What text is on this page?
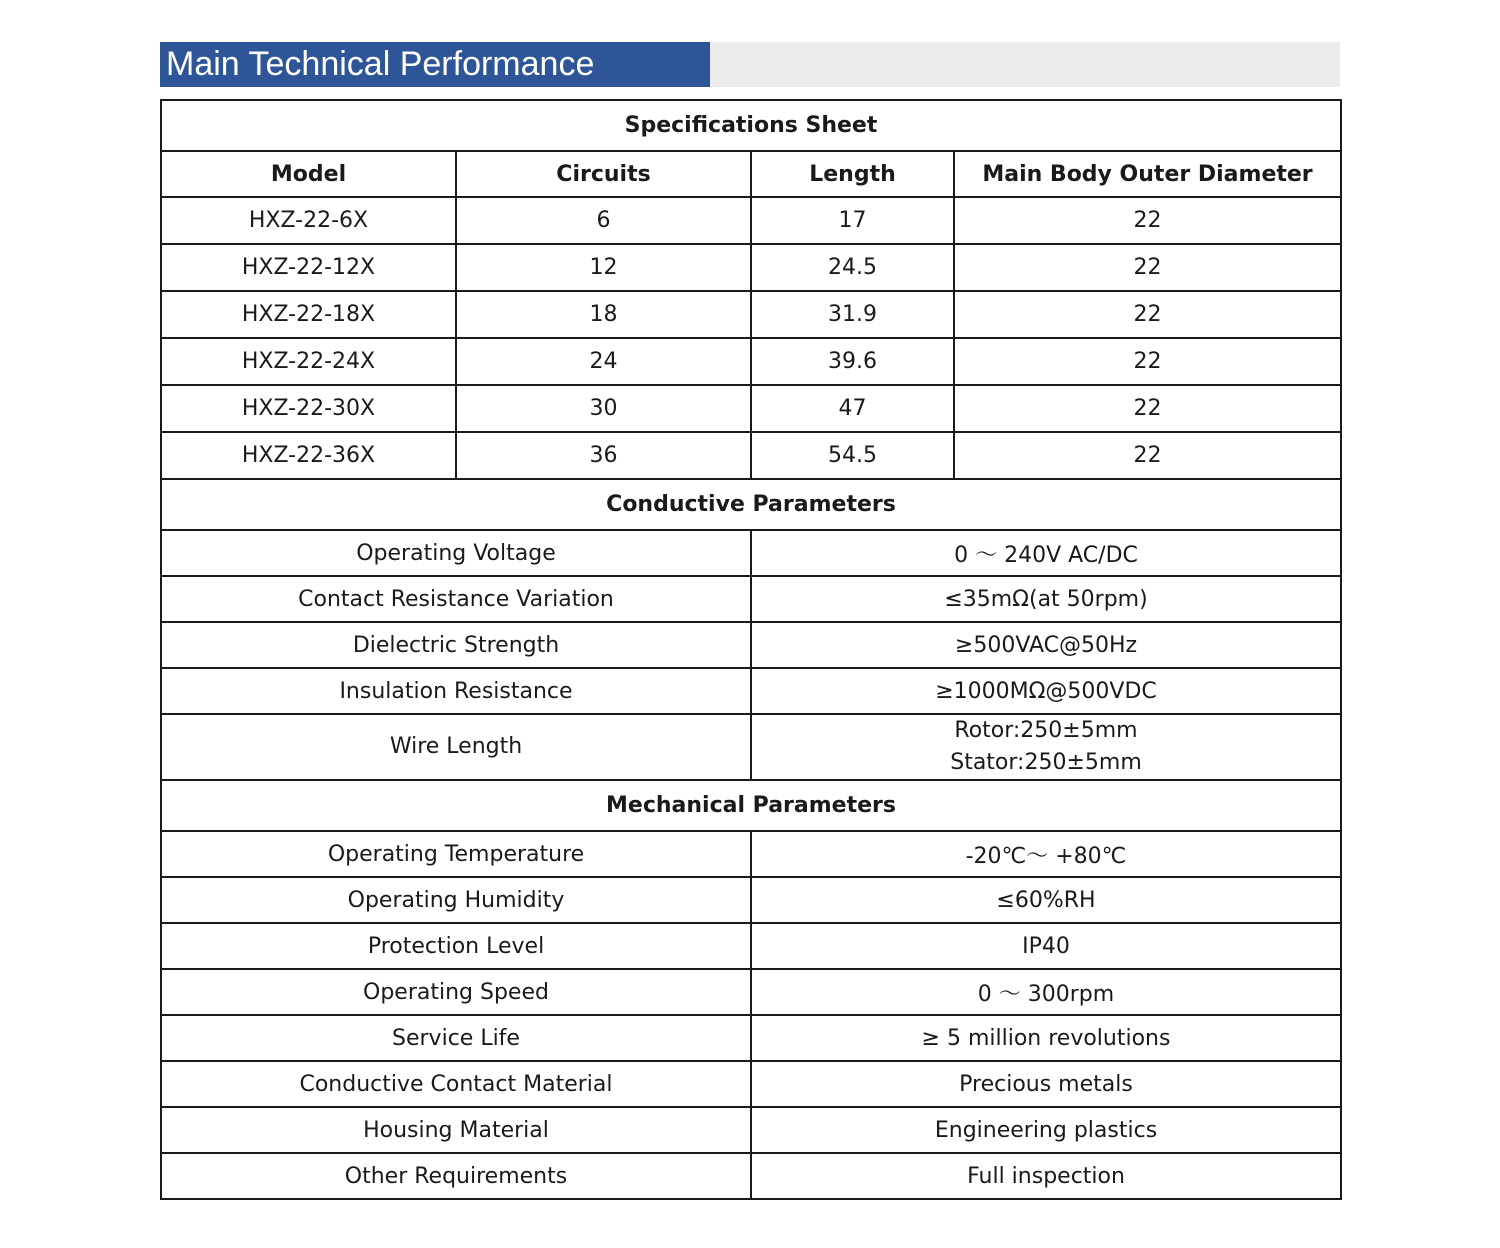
Main Technical Performance
Specifications Sheet			
Model	Circuits	Length	Main Body Outer Diameter
HXZ-22-6X	6	17	22
HXZ-22-12X	12	24.5	22
HXZ-22-18X	18	31.9	22
HXZ-22-24X	24	39.6	22
HXZ-22-30X	30	47	22
HXZ-22-36X	36	54.5	22
Conductive Parameters			
Operating Voltage		0 ～ 240V AC/DC	
Contact Resistance Variation		≤35mΩ(at 50rpm)	
Dielectric Strength		≥500VAC@50Hz	
Insulation Resistance		≥1000MΩ@500VDC	
Wire Length		Rotor:250±5mm
Stator:250±5mm	

Mechanical Parameters			
Operating Temperature		-20℃～ +80℃	
Operating Humidity		≤60%RH	
Protection Level		IP40	
Operating Speed		0 ～ 300rpm	
Service Life		≥ 5 million revolutions	
Conductive Contact Material		Precious metals	
Housing Material		Engineering plastics	
Other Requirements		Full inspection	
